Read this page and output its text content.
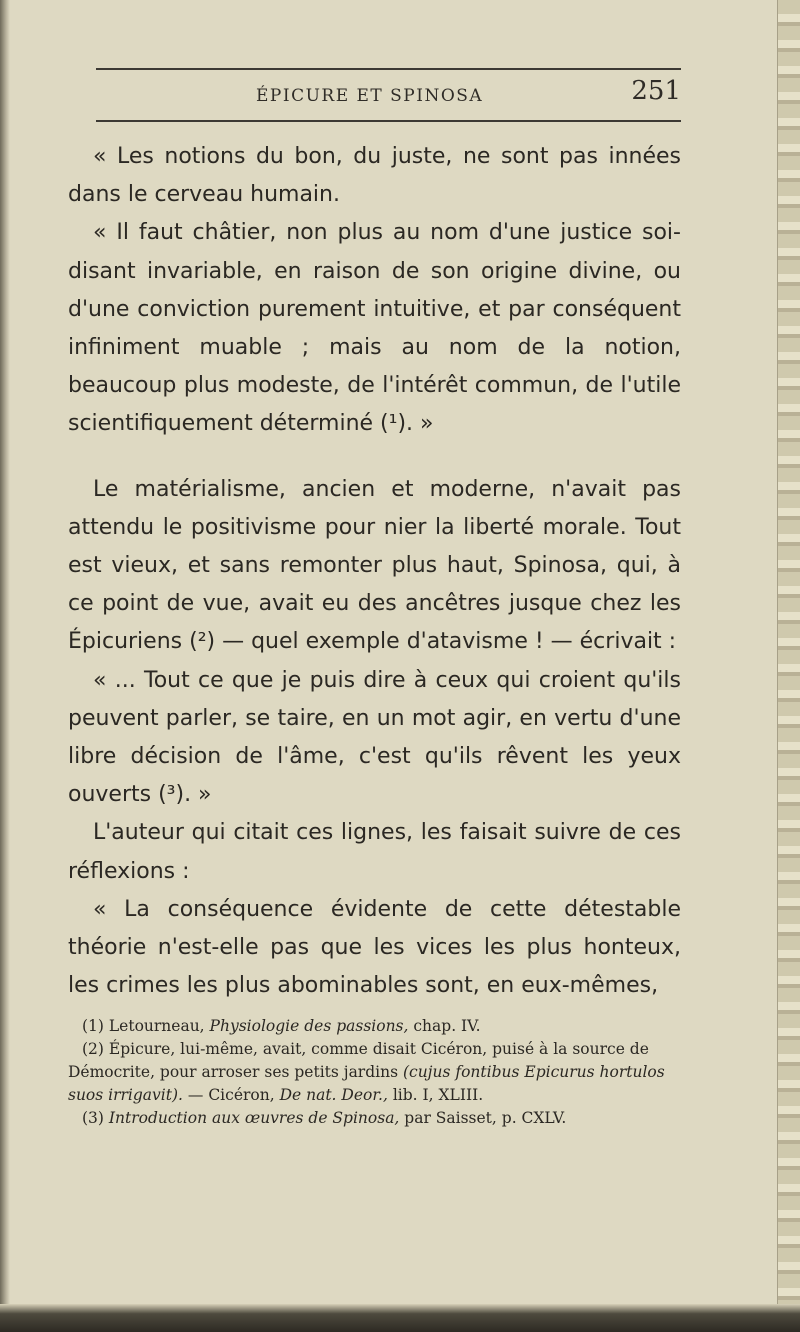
ÉPICURE ET SPINOSA	251

« Les notions du bon, du juste, ne sont pas innées dans le cerveau humain.

« Il faut châtier, non plus au nom d'une justice soi-disant invariable, en raison de son origine divine, ou d'une conviction purement intuitive, et par conséquent infiniment muable ; mais au nom de la notion, beaucoup plus modeste, de l'intérêt commun, de l'utile scientifiquement déterminé (¹). »

Le matérialisme, ancien et moderne, n'avait pas attendu le positivisme pour nier la liberté morale. Tout est vieux, et sans remonter plus haut, Spinosa, qui, à ce point de vue, avait eu des ancêtres jusque chez les Épicuriens (²) — quel exemple d'atavisme ! — écrivait :

« ... Tout ce que je puis dire à ceux qui croient qu'ils peuvent parler, se taire, en un mot agir, en vertu d'une libre décision de l'âme, c'est qu'ils rêvent les yeux ouverts (³). »

L'auteur qui citait ces lignes, les faisait suivre de ces réflexions :

« La conséquence évidente de cette détestable théorie n'est-elle pas que les vices les plus honteux, les crimes les plus abominables sont, en eux-mêmes,

(1) Letourneau, Physiologie des passions, chap. IV.

(2) Épicure, lui-même, avait, comme disait Cicéron, puisé à la source de Démocrite, pour arroser ses petits jardins (cujus fontibus Epicurus hortulos suos irrigavit). — Cicéron, De nat. Deor., lib. I, XLIII.

(3) Introduction aux œuvres de Spinosa, par Saisset, p. CXLV.
